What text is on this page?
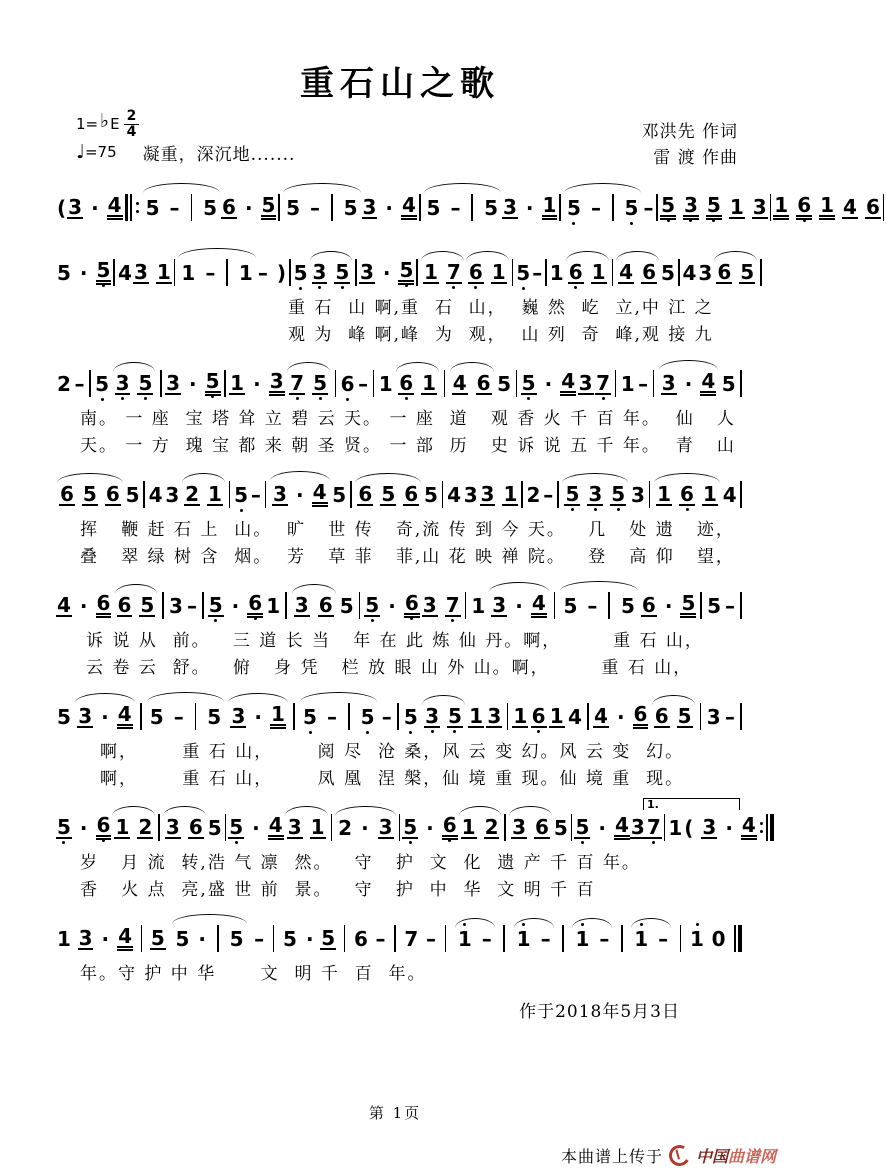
重石山之歌
1= ♭ E $\frac{2}{4}$
♩ =75 凝重，深沉地.......
邓洪先 作词
雷 渡 作曲
( 3 · 4 5 – 5 6 · 5 5 – 5 3 · 4 5 – 5 3 · 1 5 – 5 – 5 3 5 1 3 1 6 1 4 6
5 · 5 4 3 1 1 – 1 – ) 5 3 5 3 · 5 1 7 6 1 5 – 1 6 1 4 6 5 4 3 6 5
重 石  山 啊,重  石  山，  巍 然  屹  立,中 江 之
观 为  峰 啊,峰  为  观，  山 列  奇  峰,观 接 九
2 – 5 3 5 3 · 5 1 · 3 7 5 6 – 1 6 1 4 6 5 5 · 4 3 7 1 – 3 · 4 5
南。 一 座  宝 塔 耸 立 碧 云 天。 一 座  道   观 香 火 千 百 年。  仙   人
天。 一 方  瑰 宝 都 来 朝 圣 贤。 一 部  历   史 诉 说 五 千 年。  青   山
6 5 6 5 4 3 2 1 5 – 3 · 4 5 6 5 6 5 4 3 3 1 2 – 5 3 5 3 1 6 1 4
挥   鞭 赶 石 上  山。  旷   世 传   奇,流 传 到 今 天。   几   处 遗   迹，
叠   翠 绿 树 含  烟。  芳   草 菲   菲,山 花 映 禅 院。   登   高 仰   望，
4 · 6 6 5 3 – 5 · 6 1 3 6 5 5 · 6 3 7 1 3 · 4 5 – 5 6 · 5 5 –
诉 说 从  前。   三 道 长 当   年 在 此 炼 仙 丹。啊，       重 石 山，
云 卷 云  舒。   俯   身 凭   栏 放 眼 山 外 山。啊，       重 石 山，
5 3 · 4 5 – 5 3 · 1 5 – 5 – 5 3 5 1 3 1 6 1 4 4 · 6 6 5 3 –
啊，      重 石 山，      阅 尽  沧 桑，风 云 变 幻。风 云 变  幻。
啊，      重 石 山，      凤 凰  涅 槃，仙 境 重 现。仙 境 重  现。
1.
5 · 6 1 2 3 6 5 5 · 4 3 1 2 · 3 5 · 6 1 2 3 6 5 5 · 4 3 7 1 ( 3 · 4
岁   月 流  转,浩 气 凛  然。   守   护  文  化  遗 产 千 百 年。
香   火 点  亮,盛 世 前  景。   守   护  中  华  文 明 千 百
1 3 · 4 5 5 · 5 – 5 · 5 6 – 7 – 1 – 1 – 1 – 1 – 1 0
年。守 护 中 华      文  明 千  百  年。
作于2018年5月3日
第 1页
本曲谱上传于 中国曲谱网
